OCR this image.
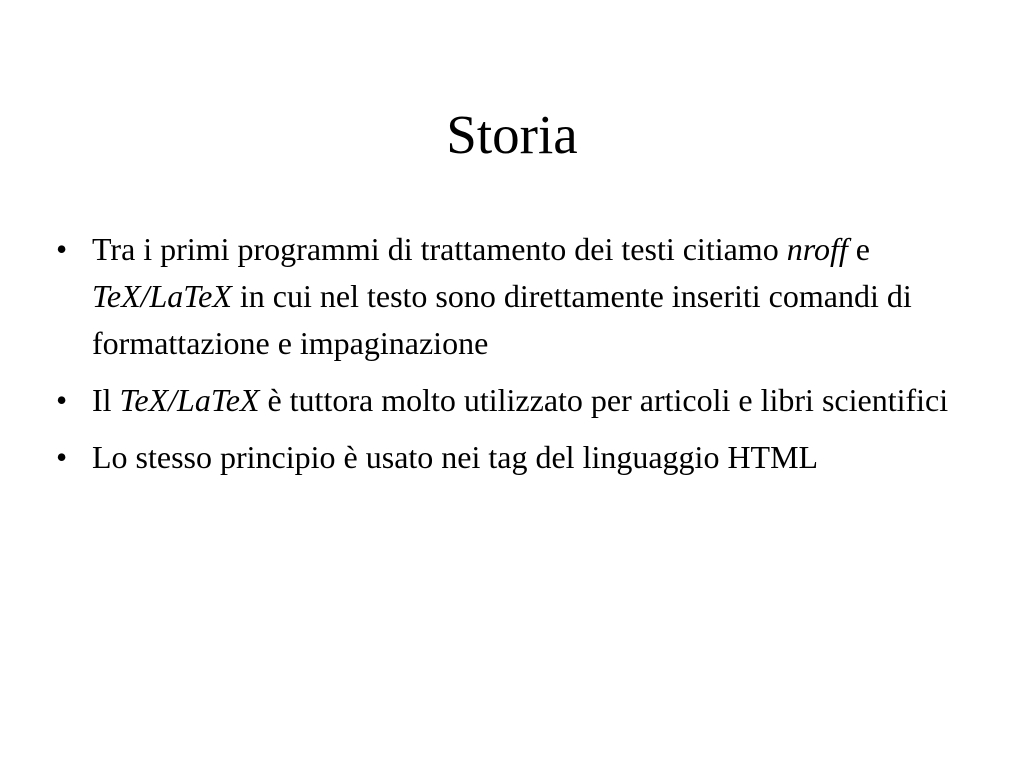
Storia
• Tra i primi programmi di trattamento dei testi citiamo nroff e TeX/LaTeX in cui nel testo sono direttamente inseriti comandi di formattazione e impaginazione
• Il TeX/LaTeX è tuttora molto utilizzato per articoli e libri scientifici
• Lo stesso principio è usato nei tag del linguaggio HTML
